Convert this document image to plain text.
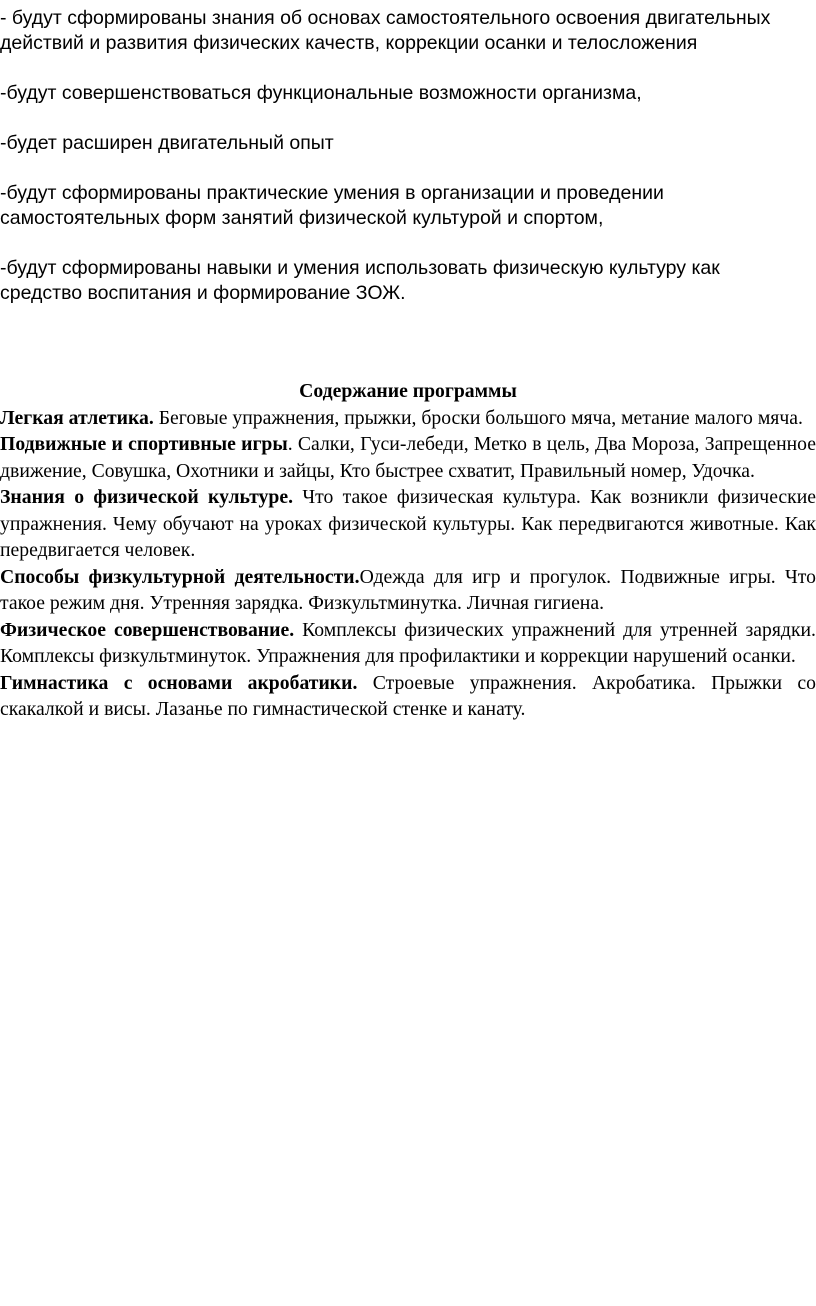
- будут сформированы знания об основах самостоятельного освоения двигательных действий и развития физических качеств, коррекции осанки и телосложения

-будут совершенствоваться функциональные возможности организма,

-будет расширен двигательный опыт

-будут сформированы практические умения в организации и проведении самостоятельных форм занятий физической культурой и спортом,

-будут сформированы навыки и умения использовать физическую культуру как средство воспитания и формирование ЗОЖ.

Содержание программы

Легкая атлетика. Беговые упражнения, прыжки, броски большого мяча, метание малого мяча.

Подвижные и спортивные игры. Салки, Гуси-лебеди, Метко в цель, Два Мороза, Запрещенное движение, Совушка, Охотники и зайцы, Кто быстрее схватит, Правильный номер, Удочка.

Знания о физической культуре. Что такое физическая культура. Как возникли физические упражнения. Чему обучают на уроках физической культуры. Как передвигаются животные. Как передвигается человек.

Способы физкультурной деятельности.Одежда для игр и прогулок. Подвижные игры. Что такое режим дня. Утренняя зарядка. Физкультминутка. Личная гигиена.

Физическое совершенствование. Комплексы физических упражнений для утренней зарядки. Комплексы физкультминуток. Упражнения для профилактики и коррекции нарушений осанки.

Гимнастика с основами акробатики. Строевые упражнения. Акробатика. Прыжки со скакалкой и висы. Лазанье по гимнастической стенке и канату.
